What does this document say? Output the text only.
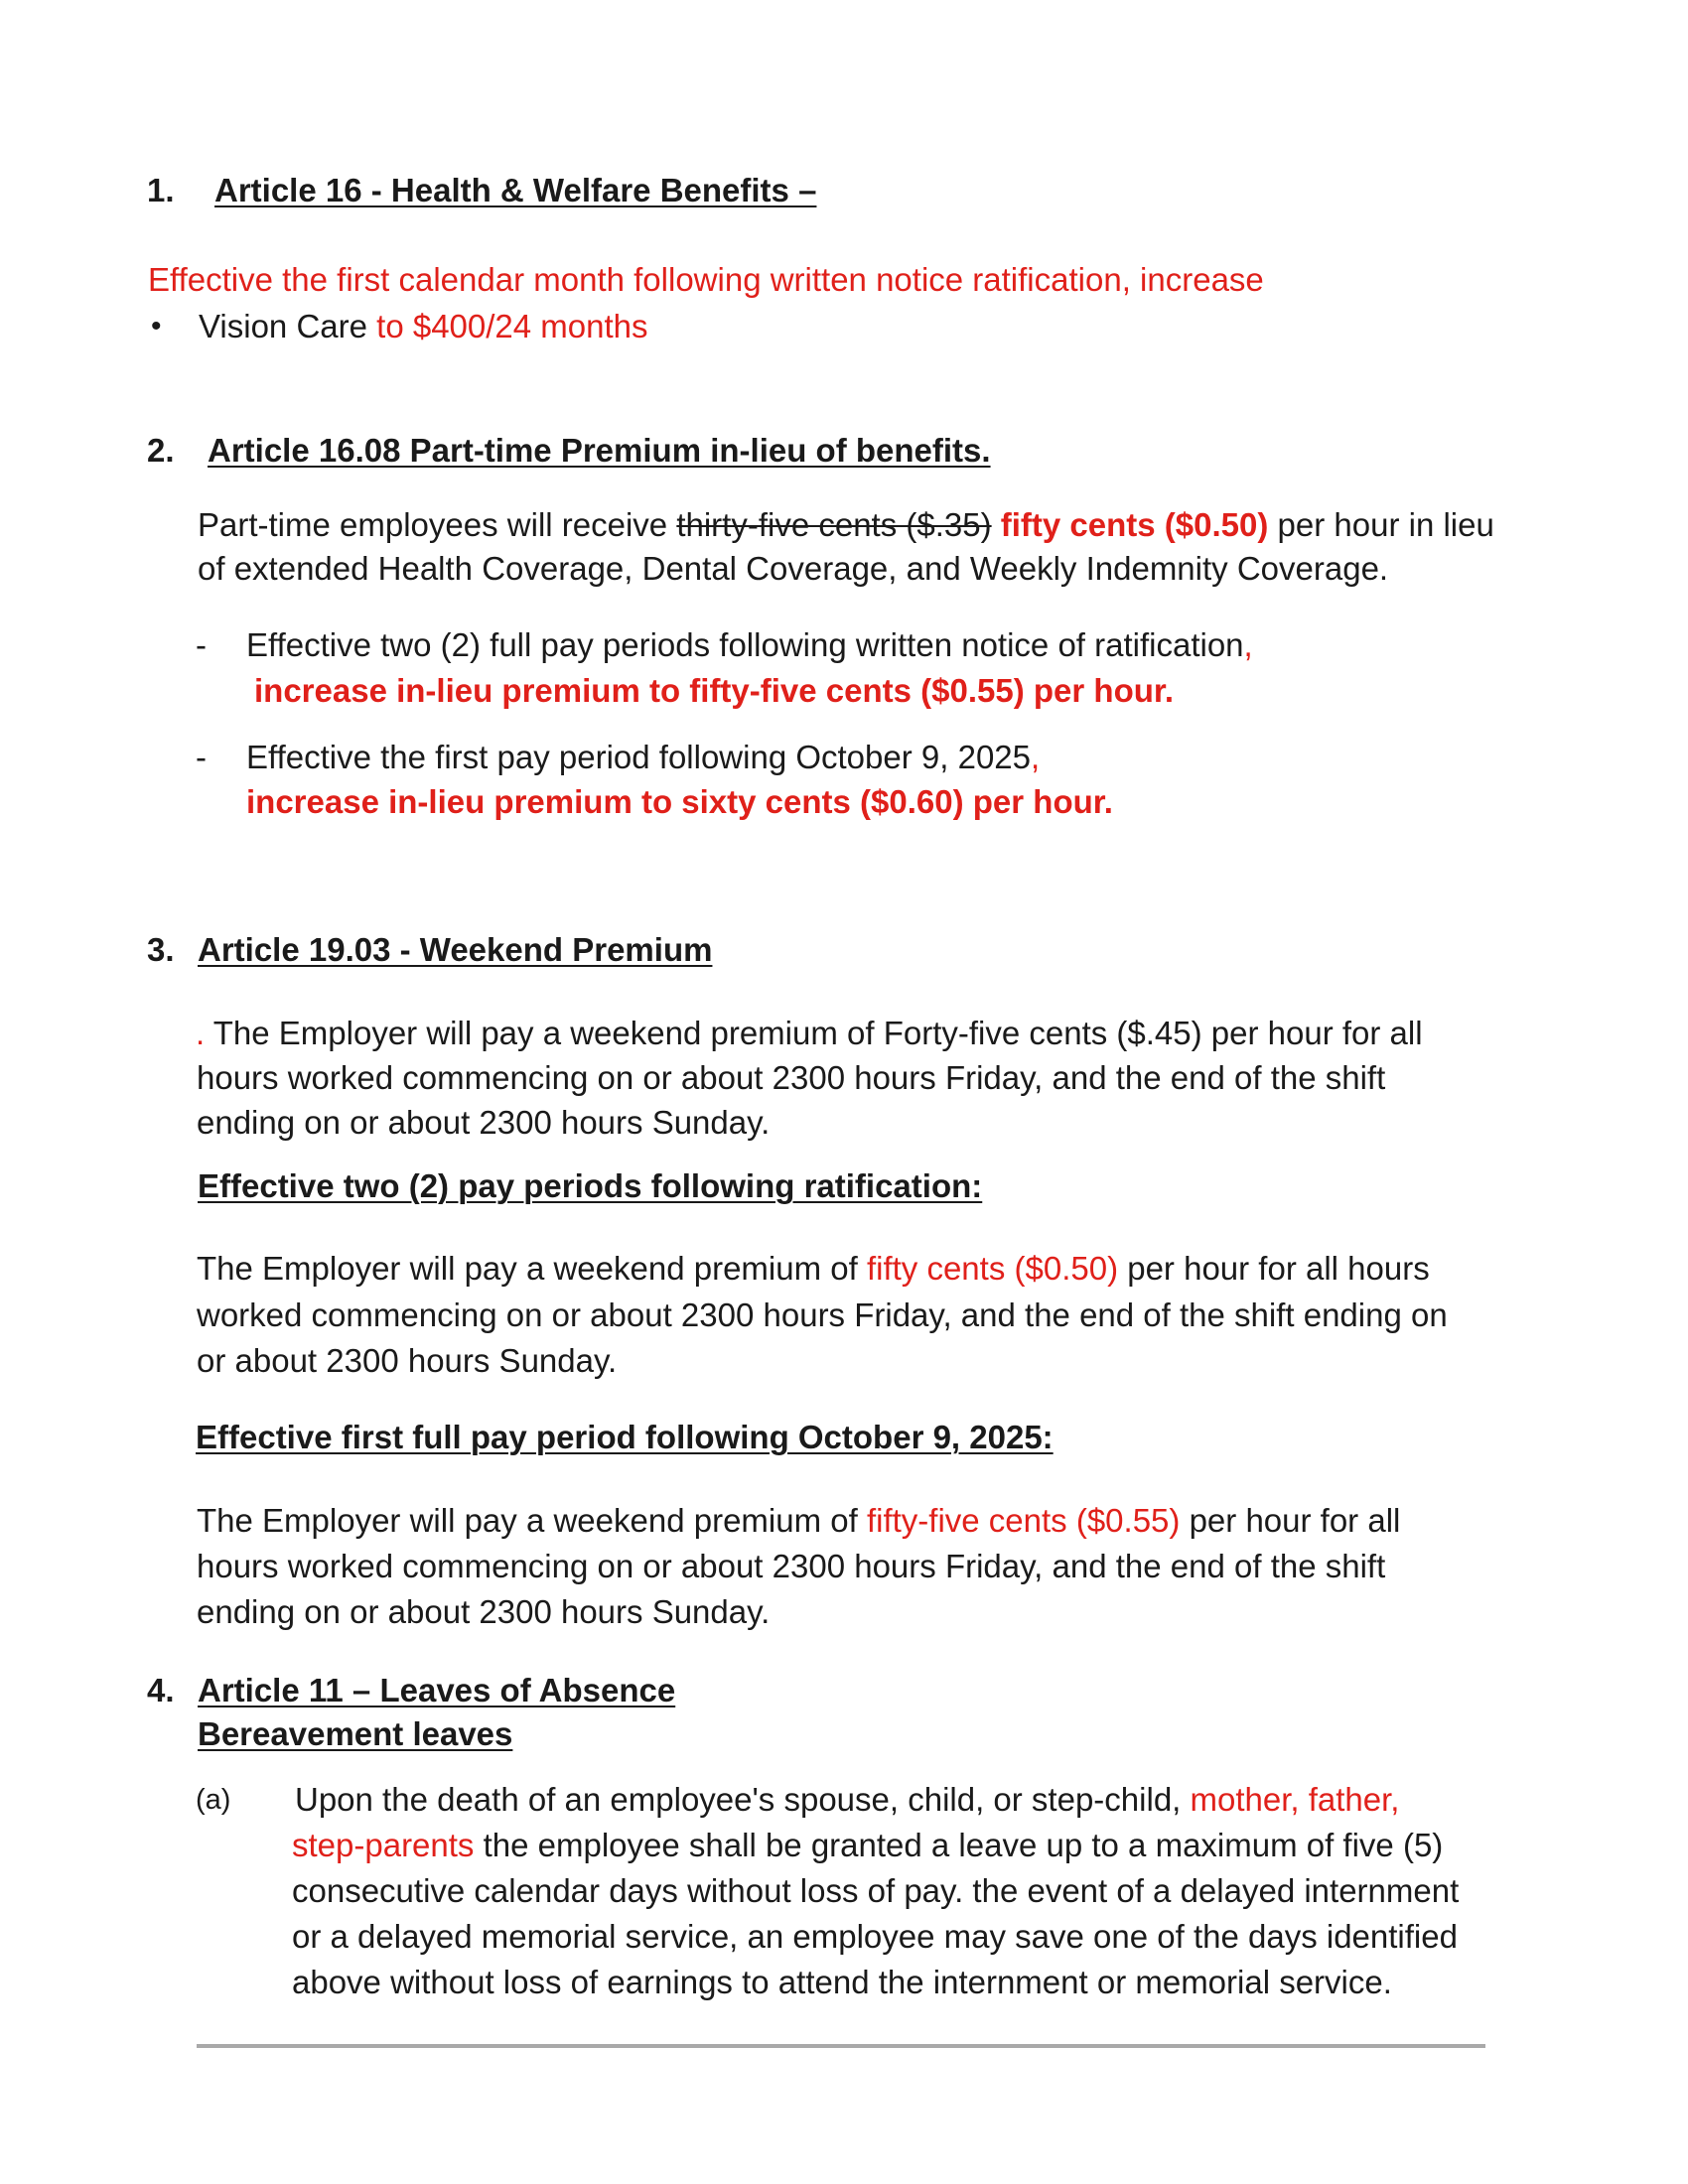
1. Article 16 - Health & Welfare Benefits –
Effective the first calendar month following written notice ratification, increase
• Vision Care to $400/24 months
2. Article 16.08 Part-time Premium in-lieu of benefits.
Part-time employees will receive thirty-five cents ($.35) fifty cents ($0.50) per hour in lieu
of extended Health Coverage, Dental Coverage, and Weekly Indemnity Coverage.
- Effective two (2) full pay periods following written notice of ratification,
increase in-lieu premium to fifty-five cents ($0.55) per hour.
- Effective the first pay period following October 9, 2025,
increase in-lieu premium to sixty cents ($0.60) per hour.
3. Article 19.03 - Weekend Premium
. The Employer will pay a weekend premium of Forty-five cents ($.45) per hour for all
hours worked commencing on or about 2300 hours Friday, and the end of the shift
ending on or about 2300 hours Sunday.
Effective two (2) pay periods following ratification:
The Employer will pay a weekend premium of fifty cents ($0.50) per hour for all hours
worked commencing on or about 2300 hours Friday, and the end of the shift ending on
or about 2300 hours Sunday.
Effective first full pay period following October 9, 2025:
The Employer will pay a weekend premium of fifty-five cents ($0.55) per hour for all
hours worked commencing on or about 2300 hours Friday, and the end of the shift
ending on or about 2300 hours Sunday.
4. Article 11 – Leaves of Absence
Bereavement leaves
(a) Upon the death of an employee's spouse, child, or step-child, mother, father,
step-parents the employee shall be granted a leave up to a maximum of five (5)
consecutive calendar days without loss of pay. the event of a delayed internment
or a delayed memorial service, an employee may save one of the days identified
above without loss of earnings to attend the internment or memorial service.
